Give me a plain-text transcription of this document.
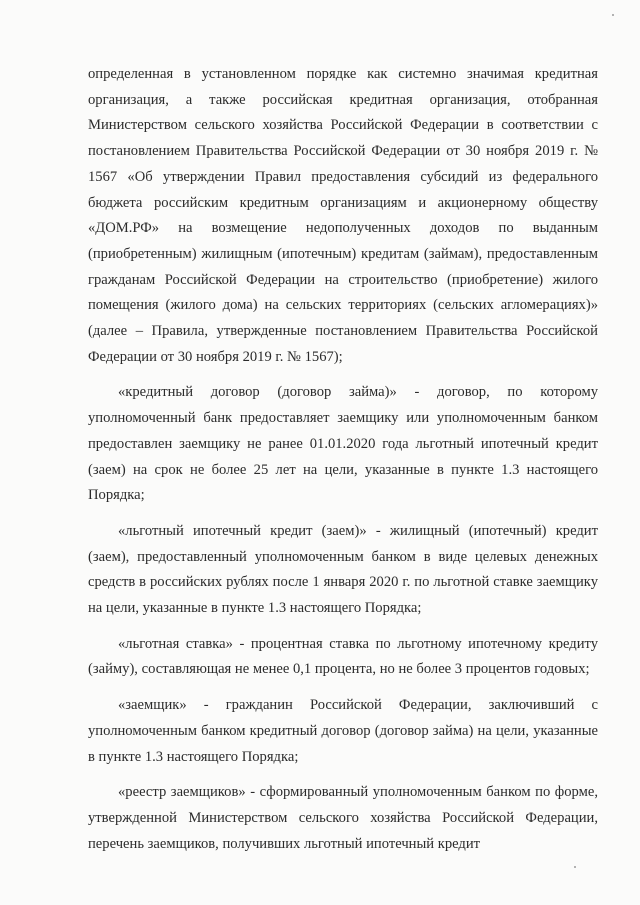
определенная в установленном порядке как системно значимая кредитная организация, а также российская кредитная организация, отобранная Министерством сельского хозяйства Российской Федерации в соответствии с постановлением Правительства Российской Федерации от 30 ноября 2019 г. № 1567 «Об утверждении Правил предоставления субсидий из федерального бюджета российским кредитным организациям и акционерному обществу «ДОМ.РФ» на возмещение недополученных доходов по выданным (приобретенным) жилищным (ипотечным) кредитам (займам), предоставленным гражданам Российской Федерации на строительство (приобретение) жилого помещения (жилого дома) на сельских территориях (сельских агломерациях)» (далее – Правила, утвержденные постановлением Правительства Российской Федерации от 30 ноября 2019 г. № 1567);

«кредитный договор (договор займа)» - договор, по которому уполномоченный банк предоставляет заемщику или уполномоченным банком предоставлен заемщику не ранее 01.01.2020 года льготный ипотечный кредит (заем) на срок не более 25 лет на цели, указанные в пункте 1.3 настоящего Порядка;

«льготный ипотечный кредит (заем)» - жилищный (ипотечный) кредит (заем), предоставленный уполномоченным банком в виде целевых денежных средств в российских рублях после 1 января 2020 г. по льготной ставке заемщику на цели, указанные в пункте 1.3 настоящего Порядка;

«льготная ставка» - процентная ставка по льготному ипотечному кредиту (займу), составляющая не менее 0,1 процента, но не более 3 процентов годовых;

«заемщик» - гражданин Российской Федерации, заключивший с уполномоченным банком кредитный договор (договор займа) на цели, указанные в пункте 1.3 настоящего Порядка;

«реестр заемщиков» - сформированный уполномоченным банком по форме, утвержденной Министерством сельского хозяйства Российской Федерации, перечень заемщиков, получивших льготный ипотечный кредит
